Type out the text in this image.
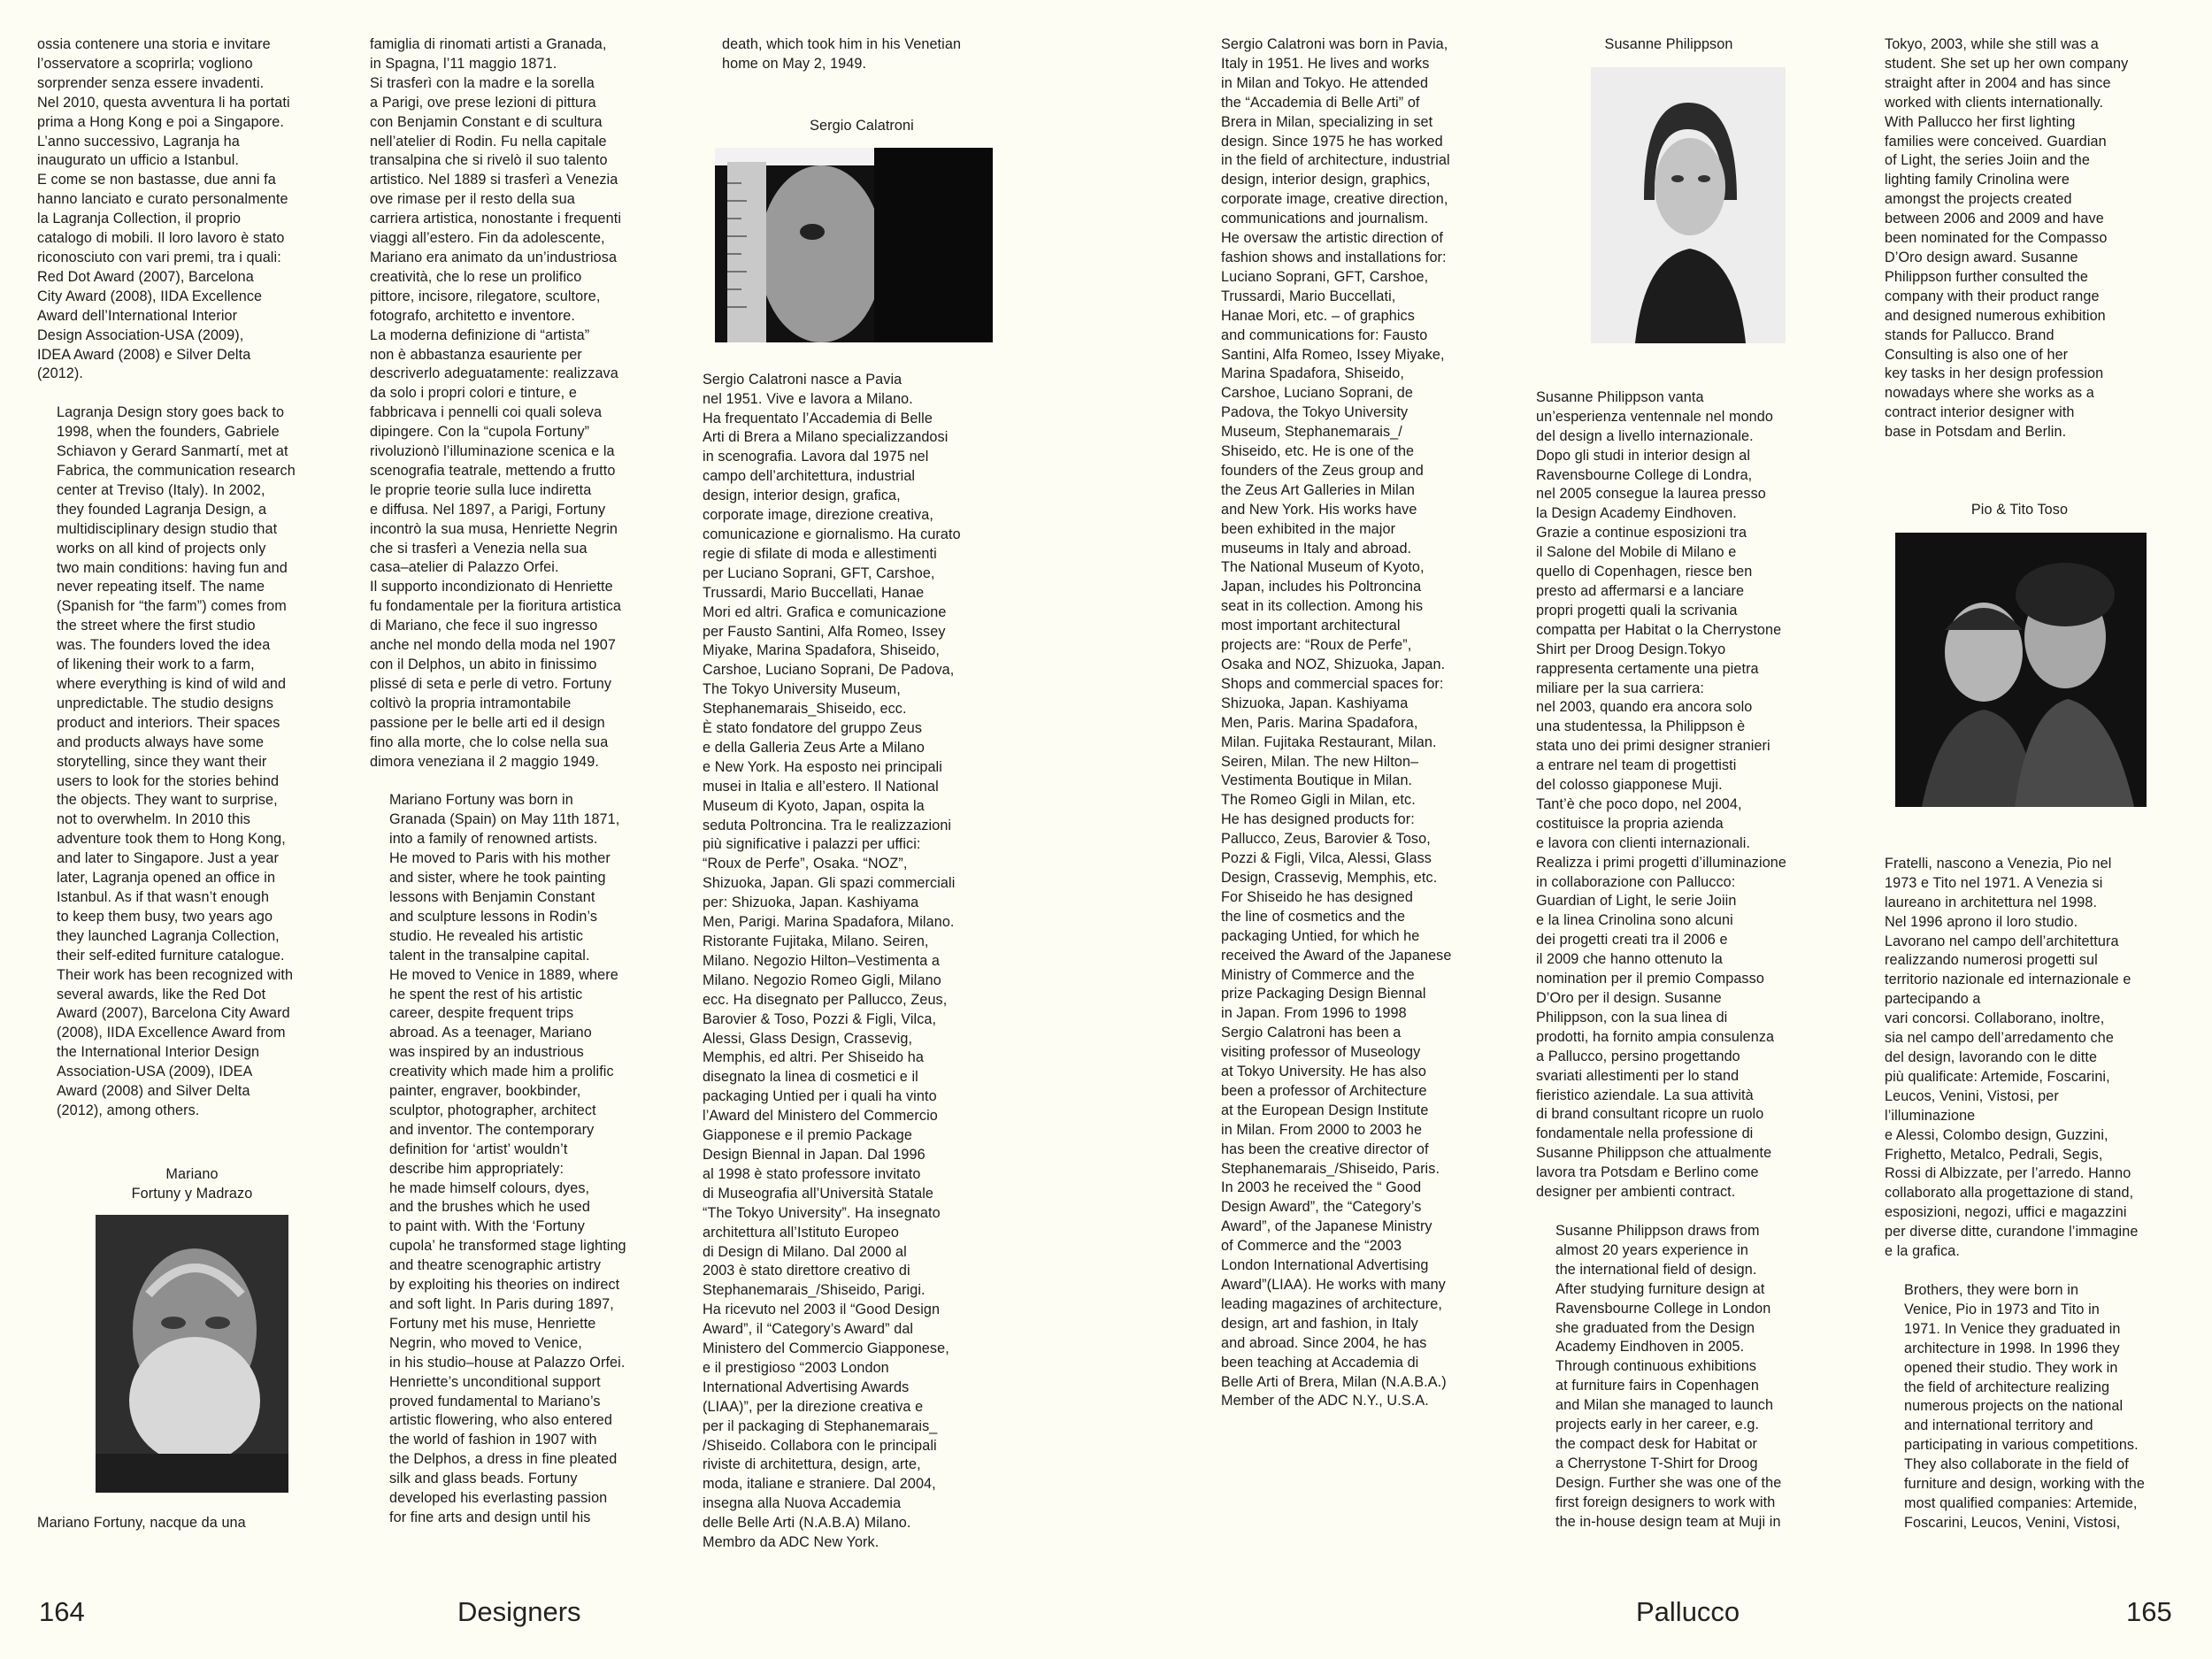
ossia contenere una storia e invitare
l’osservatore a scoprirla; vogliono
sorprender senza essere invadenti.
Nel 2010, questa avventura li ha portati
prima a Hong Kong e poi a Singapore.
L’anno successivo, Lagranja ha
inaugurato un ufficio a Istanbul.
E come se non bastasse, due anni fa
hanno lanciato e curato personalmente
la Lagranja Collection, il proprio
catalogo di mobili. Il loro lavoro è stato
riconosciuto con vari premi, tra i quali:
Red Dot Award (2007), Barcelona
City Award (2008), IIDA Excellence
Award dell’International Interior
Design Association-USA (2009),
IDEA Award (2008) e Silver Delta
(2012).

Lagranja Design story goes back to
1998, when the founders, Gabriele
Schiavon y Gerard Sanmartí, met at
Fabrica, the communication research
center at Treviso (Italy). In 2002,
they founded Lagranja Design, a
multidisciplinary design studio that
works on all kind of projects only
two main conditions: having fun and
never repeating itself. The name
(Spanish for “the farm”) comes from
the street where the first studio
was. The founders loved the idea
of likening their work to a farm,
where everything is kind of wild and
unpredictable. The studio designs
product and interiors. Their spaces
and products always have some
storytelling, since they want their
users to look for the stories behind
the objects. They want to surprise,
not to overwhelm. In 2010 this
adventure took them to Hong Kong,
and later to Singapore. Just a year
later, Lagranja opened an office in
Istanbul. As if that wasn’t enough
to keep them busy, two years ago
they launched Lagranja Collection,
their self-edited furniture catalogue.
Their work has been recognized with
several awards, like the Red Dot
Award (2007), Barcelona City Award
(2008), IIDA Excellence Award from
the International Interior Design
Association-USA (2009), IDEA
Award (2008) and Silver Delta
(2012), among others.

Mariano
Fortuny y Madrazo

Mariano Fortuny, nacque da una

famiglia di rinomati artisti a Granada,
in Spagna, l’11 maggio 1871.
Si trasferì con la madre e la sorella
a Parigi, ove prese lezioni di pittura
con Benjamin Constant e di scultura
nell’atelier di Rodin. Fu nella capitale
transalpina che si rivelò il suo talento
artistico. Nel 1889 si trasferì a Venezia
ove rimase per il resto della sua
carriera artistica, nonostante i frequenti
viaggi all’estero. Fin da adolescente,
Mariano era animato da un’industriosa
creatività, che lo rese un prolifico
pittore, incisore, rilegatore, scultore,
fotografo, architetto e inventore.
La moderna definizione di “artista”
non è abbastanza esauriente per
descriverlo adeguatamente: realizzava
da solo i propri colori e tinture, e
fabbricava i pennelli coi quali soleva
dipingere. Con la “cupola Fortuny”
rivoluzionò l’illuminazione scenica e la
scenografia teatrale, mettendo a frutto
le proprie teorie sulla luce indiretta
e diffusa. Nel 1897, a Parigi, Fortuny
incontrò la sua musa, Henriette Negrin
che si trasferì a Venezia nella sua
casa–atelier di Palazzo Orfei.
Il supporto incondizionato di Henriette
fu fondamentale per la fioritura artistica
di Mariano, che fece il suo ingresso
anche nel mondo della moda nel 1907
con il Delphos, un abito in finissimo
plissé di seta e perle di vetro. Fortuny
coltivò la propria intramontabile
passione per le belle arti ed il design
fino alla morte, che lo colse nella sua
dimora veneziana il 2 maggio 1949.

Mariano Fortuny was born in
Granada (Spain) on May 11th 1871,
into a family of renowned artists.
He moved to Paris with his mother
and sister, where he took painting
lessons with Benjamin Constant
and sculpture lessons in Rodin’s
studio. He revealed his artistic
talent in the transalpine capital.
He moved to Venice in 1889, where
he spent the rest of his artistic
career, despite frequent trips
abroad. As a teenager, Mariano
was inspired by an industrious
creativity which made him a prolific
painter, engraver, bookbinder,
sculptor, photographer, architect
and inventor. The contemporary
definition for ‘artist’ wouldn’t
describe him appropriately:
he made himself colours, dyes,
and the brushes which he used
to paint with. With the ‘Fortuny
cupola’ he transformed stage lighting
and theatre scenographic artistry
by exploiting his theories on indirect
and soft light. In Paris during 1897,
Fortuny met his muse, Henriette
Negrin, who moved to Venice,
in his studio–house at Palazzo Orfei.
Henriette’s unconditional support
proved fundamental to Mariano’s
artistic flowering, who also entered
the world of fashion in 1907 with
the Delphos, a dress in fine pleated
silk and glass beads. Fortuny
developed his everlasting passion
for fine arts and design until his

death, which took him in his Venetian
home on May 2, 1949.

Sergio Calatroni

Sergio Calatroni nasce a Pavia
nel 1951. Vive e lavora a Milano.
Ha frequentato l’Accademia di Belle
Arti di Brera a Milano specializzandosi
in scenografia. Lavora dal 1975 nel
campo dell’architettura, industrial
design, interior design, grafica,
corporate image, direzione creativa,
comunicazione e giornalismo. Ha curato
regie di sfilate di moda e allestimenti
per Luciano Soprani, GFT, Carshoe,
Trussardi, Mario Buccellati, Hanae
Mori ed altri. Grafica e comunicazione
per Fausto Santini, Alfa Romeo, Issey
Miyake, Marina Spadafora, Shiseido,
Carshoe, Luciano Soprani, De Padova,
The Tokyo University Museum,
Stephanemarais_Shiseido, ecc.
È stato fondatore del gruppo Zeus
e della Galleria Zeus Arte a Milano
e New York. Ha esposto nei principali
musei in Italia e all’estero. Il National
Museum di Kyoto, Japan, ospita la
seduta Poltroncina. Tra le realizzazioni
più significative i palazzi per uffici:
“Roux de Perfe”, Osaka. “NOZ”,
Shizuoka, Japan. Gli spazi commerciali
per: Shizuoka, Japan. Kashiyama
Men, Parigi. Marina Spadafora, Milano.
Ristorante Fujitaka, Milano. Seiren,
Milano. Negozio Hilton–Vestimenta a
Milano. Negozio Romeo Gigli, Milano
ecc. Ha disegnato per Pallucco, Zeus,
Barovier & Toso, Pozzi & Figli, Vilca,
Alessi, Glass Design, Crassevig,
Memphis, ed altri. Per Shiseido ha
disegnato la linea di cosmetici e il
packaging Untied per i quali ha vinto
l’Award del Ministero del Commercio
Giapponese e il premio Package
Design Biennal in Japan. Dal 1996
al 1998 è stato professore invitato
di Museografia all’Università Statale
“The Tokyo University”. Ha insegnato
architettura all’Istituto Europeo
di Design di Milano. Dal 2000 al
2003 è stato direttore creativo di
Stephanemarais_/Shiseido, Parigi.
Ha ricevuto nel 2003 il “Good Design
Award”, il “Category’s Award” dal
Ministero del Commercio Giapponese,
e il prestigioso “2003 London
International Advertising Awards
(LIAA)”, per la direzione creativa e
per il packaging di Stephanemarais_
/Shiseido. Collabora con le principali
riviste di architettura, design, arte,
moda, italiane e straniere. Dal 2004,
insegna alla Nuova Accademia
delle Belle Arti (N.A.B.A) Milano.
Membro da ADC New York.

Sergio Calatroni was born in Pavia,
Italy in 1951. He lives and works
in Milan and Tokyo. He attended
the “Accademia di Belle Arti” of
Brera in Milan, specializing in set
design. Since 1975 he has worked
in the field of architecture, industrial
design, interior design, graphics,
corporate image, creative direction,
communications and journalism.
He oversaw the artistic direction of
fashion shows and installations for:
Luciano Soprani, GFT, Carshoe,
Trussardi, Mario Buccellati,
Hanae Mori, etc. – of graphics
and communications for: Fausto
Santini, Alfa Romeo, Issey Miyake,
Marina Spadafora, Shiseido,
Carshoe, Luciano Soprani, de
Padova, the Tokyo University
Museum, Stephanemarais_/
Shiseido, etc. He is one of the
founders of the Zeus group and
the Zeus Art Galleries in Milan
and New York. His works have
been exhibited in the major
museums in Italy and abroad.
The National Museum of Kyoto,
Japan, includes his Poltroncina
seat in its collection. Among his
most important architectural
projects are: “Roux de Perfe”,
Osaka and NOZ, Shizuoka, Japan.
Shops and commercial spaces for:
Shizuoka, Japan. Kashiyama
Men, Paris. Marina Spadafora,
Milan. Fujitaka Restaurant, Milan.
Seiren, Milan. The new Hilton–
Vestimenta Boutique in Milan.
The Romeo Gigli in Milan, etc.
He has designed products for:
Pallucco, Zeus, Barovier & Toso,
Pozzi & Figli, Vilca, Alessi, Glass
Design, Crassevig, Memphis, etc.
For Shiseido he has designed
the line of cosmetics and the
packaging Untied, for which he
received the Award of the Japanese
Ministry of Commerce and the
prize Packaging Design Biennal
in Japan. From 1996 to 1998
Sergio Calatroni has been a
visiting professor of Museology
at Tokyo University. He has also
been a professor of Architecture
at the European Design Institute
in Milan. From 2000 to 2003 he
has been the creative director of
Stephanemarais_/Shiseido, Paris.
In 2003 he received the “ Good
Design Award”, the “Category’s
Award”, of the Japanese Ministry
of Commerce and the “2003
London International Advertising
Award”(LIAA). He works with many
leading magazines of architecture,
design, art and fashion, in Italy
and abroad. Since 2004, he has
been teaching at Accademia di
Belle Arti of Brera, Milan (N.A.B.A.)
Member of the ADC N.Y., U.S.A.

Susanne Philippson

Susanne Philippson vanta
un’esperienza ventennale nel mondo
del design a livello internazionale.
Dopo gli studi in interior design al
Ravensbourne College di Londra,
nel 2005 consegue la laurea presso
la Design Academy Eindhoven.
Grazie a continue esposizioni tra
il Salone del Mobile di Milano e
quello di Copenhagen, riesce ben
presto ad affermarsi e a lanciare
propri progetti quali la scrivania
compatta per Habitat o la Cherrystone
Shirt per Droog Design.Tokyo
rappresenta certamente una pietra
miliare per la sua carriera:
nel 2003, quando era ancora solo
una studentessa, la Philippson è
stata uno dei primi designer stranieri
a entrare nel team di progettisti
del colosso giapponese Muji.
Tant’è che poco dopo, nel 2004,
costituisce la propria azienda
e lavora con clienti internazionali.
Realizza i primi progetti d’illuminazione
in collaborazione con Pallucco:
Guardian of Light, le serie Joiin
e la linea Crinolina sono alcuni
dei progetti creati tra il 2006 e
il 2009 che hanno ottenuto la
nomination per il premio Compasso
D’Oro per il design. Susanne
Philippson, con la sua linea di
prodotti, ha fornito ampia consulenza
a Pallucco, persino progettando
svariati allestimenti per lo stand
fieristico aziendale. La sua attività
di brand consultant ricopre un ruolo
fondamentale nella professione di
Susanne Philippson che attualmente
lavora tra Potsdam e Berlino come
designer per ambienti contract.

Susanne Philippson draws from
almost 20 years experience in
the international field of design.
After studying furniture design at
Ravensbourne College in London
she graduated from the Design
Academy Eindhoven in 2005.
Through continuous exhibitions
at furniture fairs in Copenhagen
and Milan she managed to launch
projects early in her career, e.g.
the compact desk for Habitat or
a Cherrystone T-Shirt for Droog
Design. Further she was one of the
first foreign designers to work with
the in-house design team at Muji in

Tokyo, 2003, while she still was a
student. She set up her own company
straight after in 2004 and has since
worked with clients internationally.
With Pallucco her first lighting
families were conceived. Guardian
of Light, the series Joiin and the
lighting family Crinolina were
amongst the projects created
between 2006 and 2009 and have
been nominated for the Compasso
D’Oro design award. Susanne
Philippson further consulted the
company with their product range
and designed numerous exhibition
stands for Pallucco. Brand
Consulting is also one of her
key tasks in her design profession
nowadays where she works as a
contract interior designer with
base in Potsdam and Berlin.

Pio & Tito Toso

Fratelli, nascono a Venezia, Pio nel
1973 e Tito nel 1971. A Venezia si
laureano in architettura nel 1998.
Nel 1996 aprono il loro studio.
Lavorano nel campo dell’architettura
realizzando numerosi progetti sul
territorio nazionale ed internazionale e
partecipando a
vari concorsi. Collaborano, inoltre,
sia nel campo dell’arredamento che
del design, lavorando con le ditte
più qualificate: Artemide, Foscarini,
Leucos, Venini, Vistosi, per
l’illuminazione
e Alessi, Colombo design, Guzzini,
Frighetto, Metalco, Pedrali, Segis,
Rossi di Albizzate, per l’arredo. Hanno
collaborato alla progettazione di stand,
esposizioni, negozi, uffici e magazzini
per diverse ditte, curandone l’immagine
e la grafica.

Brothers, they were born in
Venice, Pio in 1973 and Tito in
1971. In Venice they graduated in
architecture in 1998. In 1996 they
opened their studio. They work in
the field of architecture realizing
numerous projects on the national
and international territory and
participating in various competitions.
They also collaborate in the field of
furniture and design, working with the
most qualified companies: Artemide,
Foscarini, Leucos, Venini, Vistosi,

164	Designers	Pallucco	165
